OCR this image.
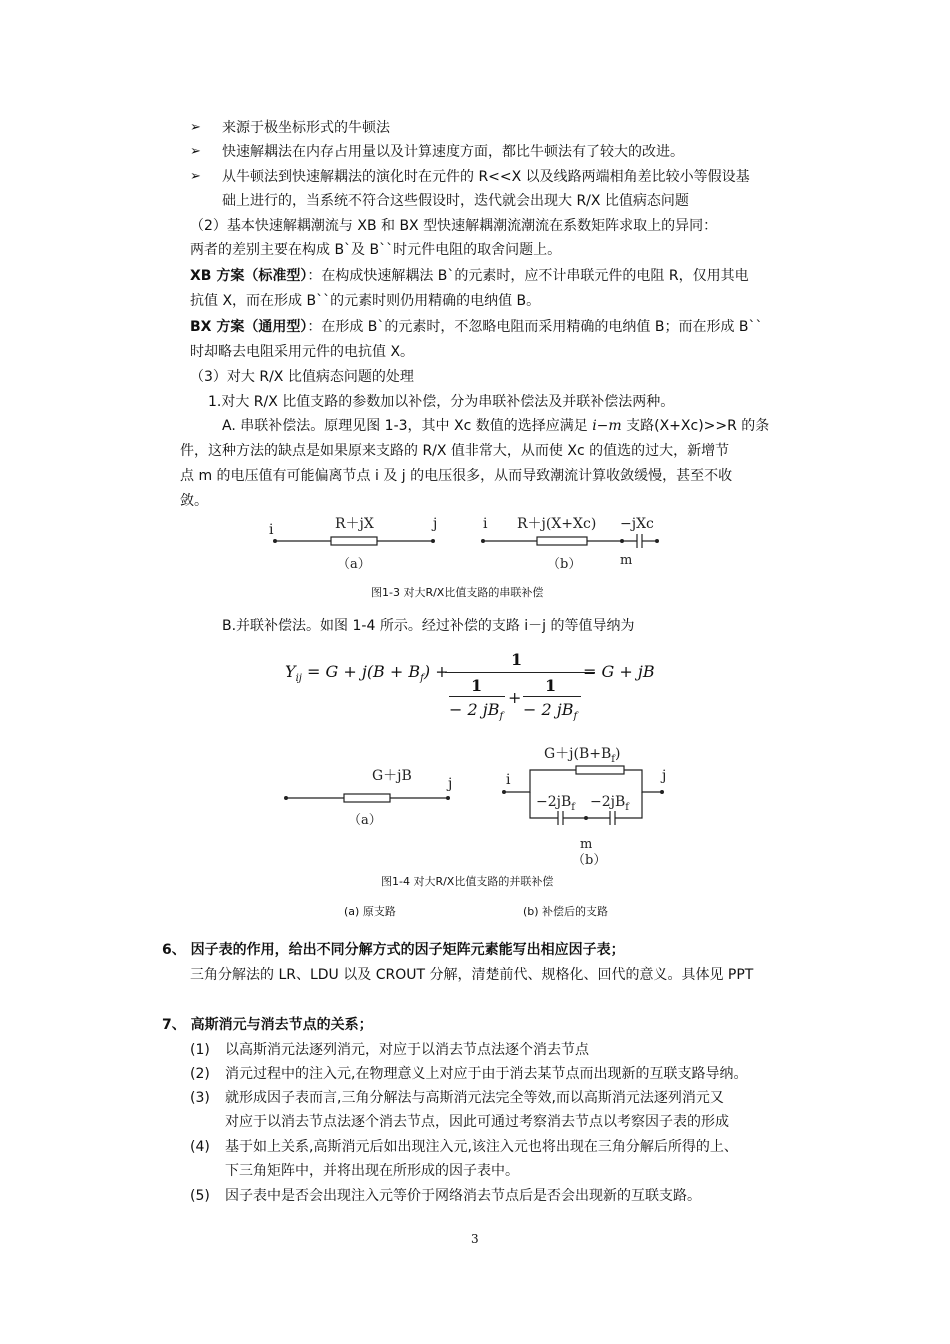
➢ 来源于极坐标形式的牛顿法
➢ 快速解耦法在内存占用量以及计算速度方面，都比牛顿法有了较大的改进。
➢ 从牛顿法到快速解耦法的演化时在元件的 R<<X 以及线路两端相角差比较小等假设基
础上进行的，当系统不符合这些假设时，迭代就会出现大 R/X 比值病态问题
（2）基本快速解耦潮流与 XB 和 BX 型快速解耦潮流潮流在系数矩阵求取上的异同：
两者的差别主要在构成 B`及 B``时元件电阻的取舍问题上。
XB 方案（标准型）：在构成快速解耦法 B`的元素时，应不计串联元件的电阻 R，仅用其电
抗值 X，而在形成 B``的元素时则仍用精确的电纳值 B。
BX 方案（通用型）：在形成 B`的元素时，不忽略电阻而采用精确的电纳值 B；而在形成 B``
时却略去电阻采用元件的电抗值 X。
（3）对大 R/X 比值病态问题的处理
1.对大 R/X 比值支路的参数加以补偿，分为串联补偿法及并联补偿法两种。
A. 串联补偿法。原理见图 1-3，其中 Xc 数值的选择应满足 i−m 支路(X+Xc)>>R 的条
件，这种方法的缺点是如果原来支路的 R/X 值非常大，从而使 Xc 的值选的过大，新增节
点 m 的电压值有可能偏离节点 i 及 j 的电压很多，从而导致潮流计算收敛缓慢，甚至不收
敛。
i	R＋jX	j
（a）
i R＋j(X+Xc) −jXc
m
（b）
图1-3 对大R/X比值支路的串联补偿
B.并联补偿法。如图 1-4 所示。经过补偿的支路 i－j 的等值导纳为
$Y_{ij} = G + j(B + B_f)$ +
1
1
− 2 $jB_f$
+
1
− 2 $jB_f$
= G + jB
G＋jB	j
（a）
$G+j(B+B_f)$
i	j
$-2jB_f -2jB_f$
m
（b）
图1-4 对大R/X比值支路的并联补偿
(a) 原支路	(b) 补偿后的支路
6、 因子表的作用，给出不同分解方式的因子矩阵元素能写出相应因子表；
三角分解法的 LR、LDU 以及 CROUT 分解，清楚前代、规格化、回代的意义。具体见 PPT
7、 高斯消元与消去节点的关系；
(1) 以高斯消元法逐列消元，对应于以消去节点法逐个消去节点
(2) 消元过程中的注入元,在物理意义上对应于由于消去某节点而出现新的互联支路导纳。
(3) 就形成因子表而言,三角分解法与高斯消元法完全等效,而以高斯消元法逐列消元又
对应于以消去节点法逐个消去节点，因此可通过考察消去节点以考察因子表的形成
(4) 基于如上关系,高斯消元后如出现注入元,该注入元也将出现在三角分解后所得的上、
下三角矩阵中，并将出现在所形成的因子表中。
(5) 因子表中是否会出现注入元等价于网络消去节点后是否会出现新的互联支路。
3
